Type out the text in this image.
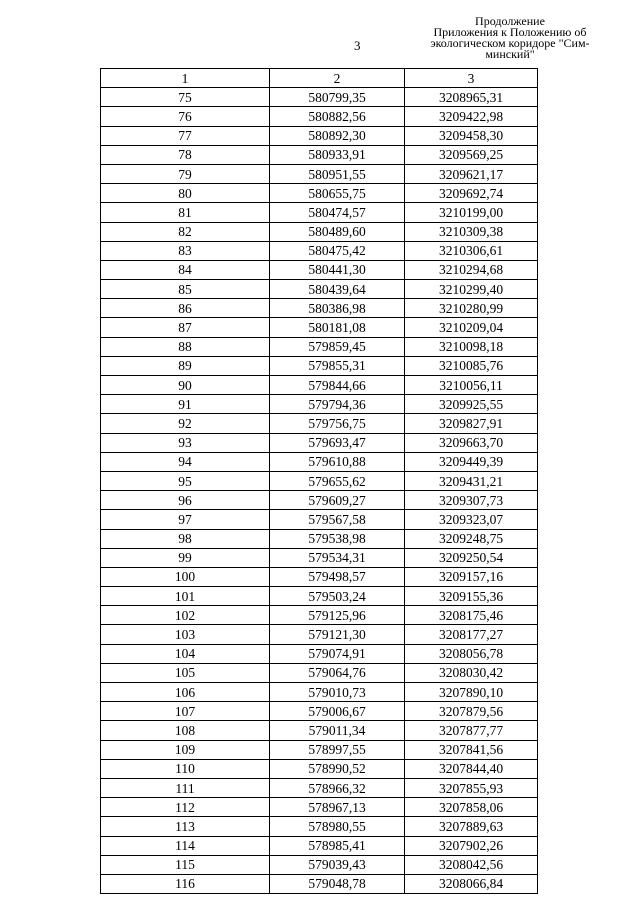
3
Продолжение
Приложения к Положению об
экологическом коридоре "Сим-
минский"
1	2	3
75	580799,35	3208965,31
76	580882,56	3209422,98
77	580892,30	3209458,30
78	580933,91	3209569,25
79	580951,55	3209621,17
80	580655,75	3209692,74
81	580474,57	3210199,00
82	580489,60	3210309,38
83	580475,42	3210306,61
84	580441,30	3210294,68
85	580439,64	3210299,40
86	580386,98	3210280,99
87	580181,08	3210209,04
88	579859,45	3210098,18
89	579855,31	3210085,76
90	579844,66	3210056,11
91	579794,36	3209925,55
92	579756,75	3209827,91
93	579693,47	3209663,70
94	579610,88	3209449,39
95	579655,62	3209431,21
96	579609,27	3209307,73
97	579567,58	3209323,07
98	579538,98	3209248,75
99	579534,31	3209250,54
100	579498,57	3209157,16
101	579503,24	3209155,36
102	579125,96	3208175,46
103	579121,30	3208177,27
104	579074,91	3208056,78
105	579064,76	3208030,42
106	579010,73	3207890,10
107	579006,67	3207879,56
108	579011,34	3207877,77
109	578997,55	3207841,56
110	578990,52	3207844,40
111	578966,32	3207855,93
112	578967,13	3207858,06
113	578980,55	3207889,63
114	578985,41	3207902,26
115	579039,43	3208042,56
116	579048,78	3208066,84
